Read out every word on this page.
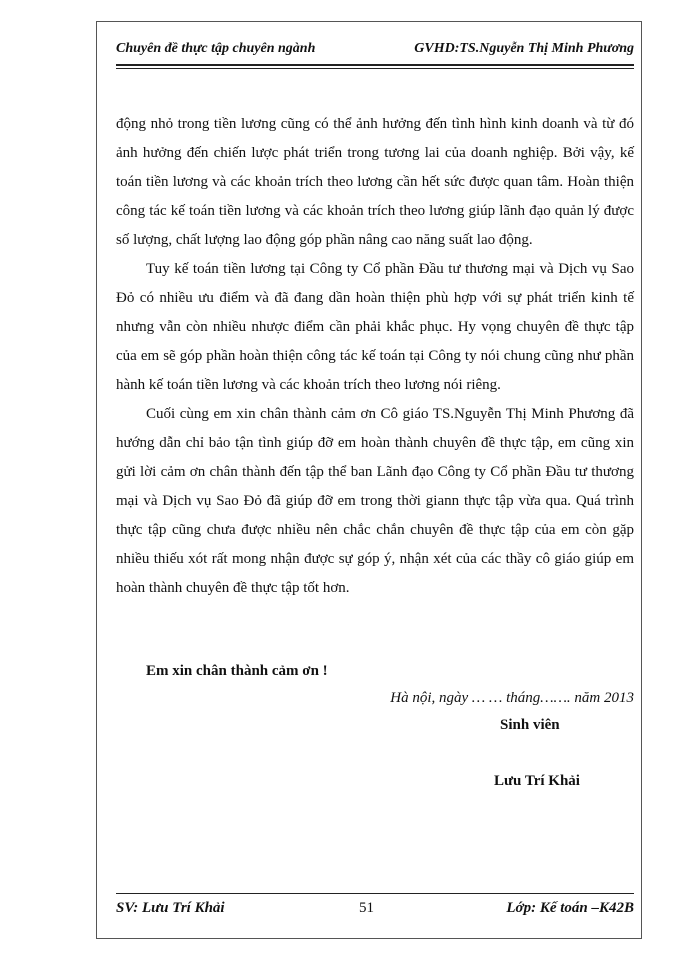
Chuyên đề thực tập chuyên ngành	GVHD:TS.Nguyễn Thị Minh Phương

động nhỏ trong tiền lương cũng có thể ảnh hưởng đến tình hình kinh doanh và từ đó ảnh hưởng đến chiến lược phát triển trong tương lai của doanh nghiệp. Bởi vậy, kế toán tiền lương và các khoản trích theo lương cần hết sức được quan tâm. Hoàn thiện công tác kế toán tiền lương và các khoản trích theo lương giúp lãnh đạo quản lý được số lượng, chất lượng lao động góp phần nâng cao năng suất lao động.

Tuy kế toán tiền lương tại Công ty Cổ phần Đầu tư thương mại và Dịch vụ Sao Đỏ có nhiều ưu điểm và đã đang dần hoàn thiện phù hợp với sự phát triển kinh tế nhưng vẫn còn nhiều nhược điểm cần phải khắc phục. Hy vọng chuyên đề thực tập của em sẽ góp phần hoàn thiện công tác kế toán tại Công ty nói chung cũng như phần hành kế toán tiền lương và các khoản trích theo lương nói riêng.

Cuối cùng em xin chân thành cảm ơn Cô giáo TS.Nguyễn Thị Minh Phương đã hướng dẫn chỉ bảo tận tình giúp đỡ em hoàn thành chuyên đề thực tập, em cũng xin gửi lời cảm ơn chân thành đến tập thể ban Lãnh đạo Công ty Cổ phần Đầu tư thương mại và Dịch vụ Sao Đỏ đã giúp đỡ em trong thời giann thực tập vừa qua. Quá trình thực tập cũng chưa được nhiều nên chắc chắn chuyên đề thực tập của em còn gặp nhiều thiếu xót rất mong nhận được sự góp ý, nhận xét của các thầy cô giáo giúp em hoàn thành chuyên đề thực tập tốt hơn.

Em xin chân thành cảm ơn !
Hà nội, ngày … … tháng……. năm 2013
Sinh viên
Lưu Trí Khải
SV: Lưu Trí Khải	51	Lớp: Kế toán –K42B
